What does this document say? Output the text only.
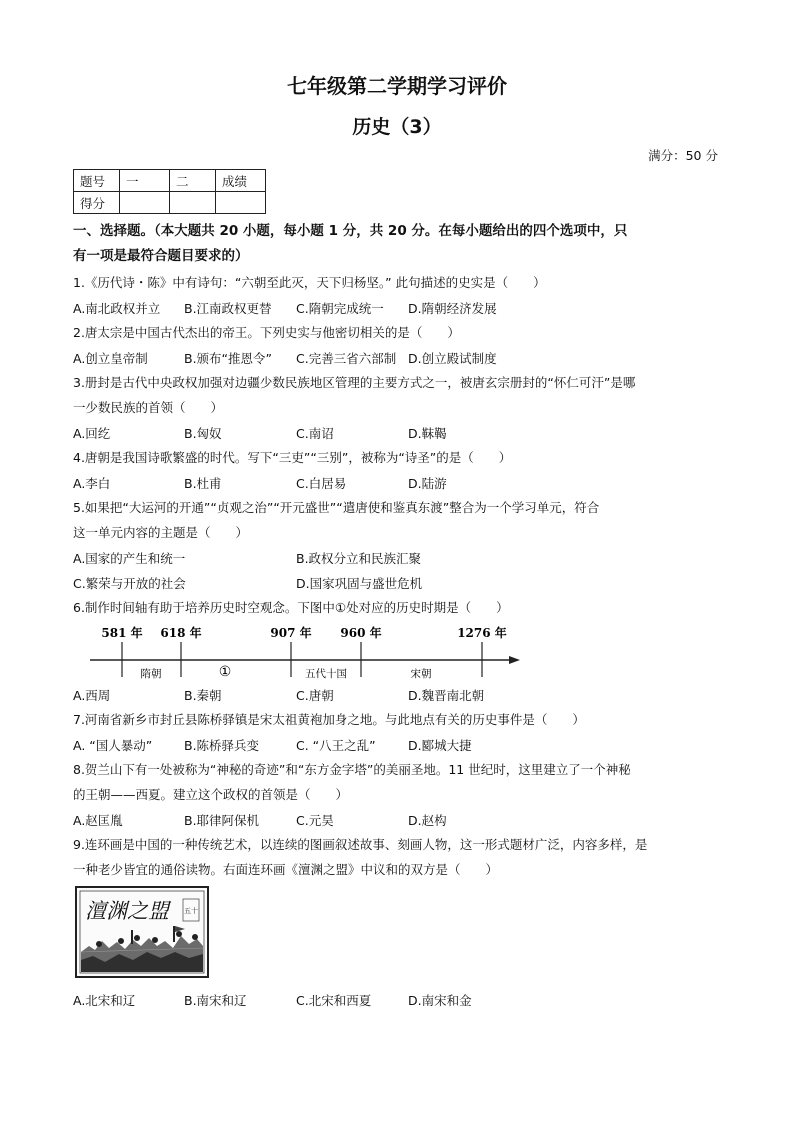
七年级第二学期学习评价
历史（3）
满分：50 分
题号	一	二	成绩
得分			
一、选择题。（本大题共 20 小题，每小题 1 分，共 20 分。在每小题给出的四个选项中，只
有一项是最符合题目要求的）
1.《历代诗・陈》中有诗句：“六朝至此灭，天下归杨坚。” 此句描述的史实是（　　）
A.南北政权并立 B.江南政权更替 C.隋朝完成统一 D.隋朝经济发展
2.唐太宗是中国古代杰出的帝王。下列史实与他密切相关的是（　　）
A.创立皇帝制	B.颁布“推恩令” C.完善三省六部制 D.创立殿试制度
3.册封是古代中央政权加强对边疆少数民族地区管理的主要方式之一，被唐玄宗册封的“怀仁可汗”是哪
一少数民族的首领（　　）
A.回纥	B.匈奴	C.南诏	D.靺鞨
4.唐朝是我国诗歌繁盛的时代。写下“三吏”“三别”，被称为“诗圣”的是（　　）
A.李白	B.杜甫	C.白居易	D.陆游
5.如果把“大运河的开通”“贞观之治”“开元盛世”“遣唐使和鉴真东渡”整合为一个学习单元，符合
这一单元内容的主题是（　　）
A.国家的产生和统一	B.政权分立和民族汇聚
C.繁荣与开放的社会	D.国家巩固与盛世危机
6.制作时间轴有助于培养历史时空观念。下图中①处对应的历史时期是（　　）
581 年 618 年	907 年 960 年	1276 年
隋朝	①	五代十国	宋朝
A.西周	B.秦朝	C.唐朝	D.魏晋南北朝
7.河南省新乡市封丘县陈桥驿镇是宋太祖黄袍加身之地。与此地点有关的历史事件是（　　）
A. “国人暴动”	B.陈桥驿兵变	C. “八王之乱”	D.郾城大捷
8.贺兰山下有一处被称为“神秘的奇迹”和“东方金字塔”的美丽圣地。11 世纪时，这里建立了一个神秘
的王朝——西夏。建立这个政权的首领是（　　）
A.赵匡胤	B.耶律阿保机	C.元昊	D.赵构
9.连环画是中国的一种传统艺术，以连续的图画叙述故事、刻画人物，这一形式题材广泛，内容多样，是
一种老少皆宜的通俗读物。右面连环画《澶渊之盟》中议和的双方是（　　）
澶渊之盟	五十
A.北宋和辽	B.南宋和辽	C.北宋和西夏	D.南宋和金
